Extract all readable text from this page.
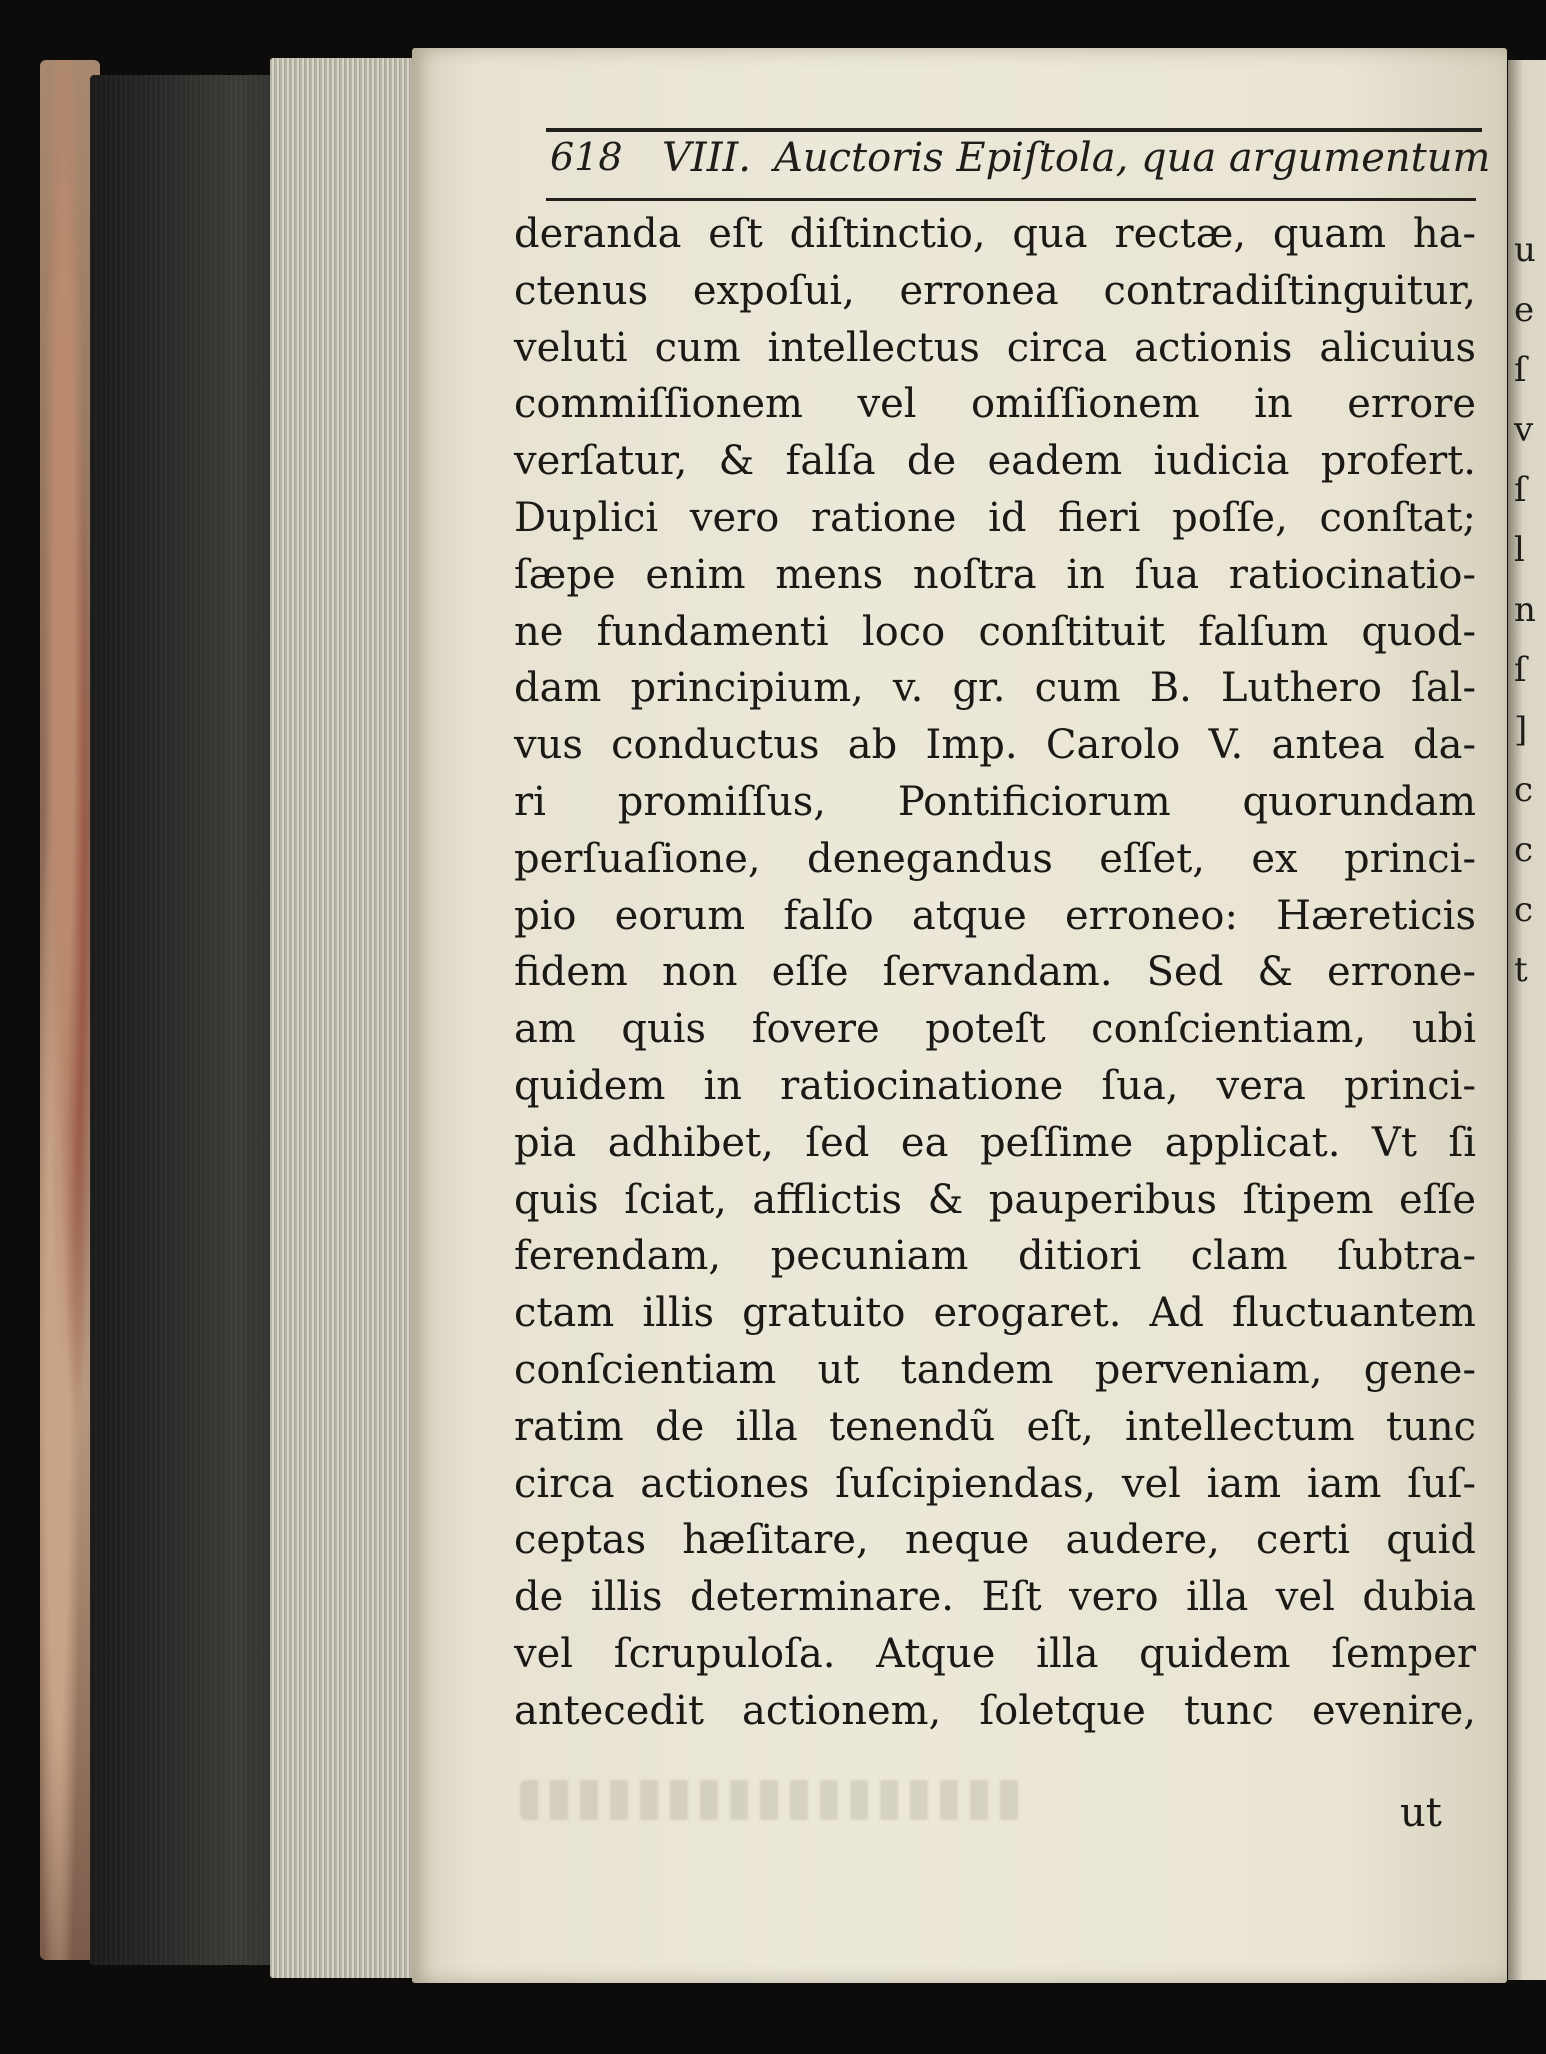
u
e
ſ
v
ſ
l
n
ſ
]
c
c
c
t
618 VIII. Auctoris Epiſtola, qua argumentum
deranda eſt diſtinctio, qua rectæ, quam ha-
ctenus expoſui, erronea contradiſtinguitur,
veluti cum intellectus circa actionis alicuius
commiſſionem vel omiſſionem in errore
verſatur, & falſa de eadem iudicia profert.
Duplici vero ratione id fieri poſſe, conſtat;
ſæpe enim mens noſtra in ſua ratiocinatio-
ne fundamenti loco conſtituit falſum quod-
dam principium, v. gr. cum B. Luthero ſal-
vus conductus ab Imp. Carolo V. antea da-
ri promiſſus, Pontificiorum quorundam
perſuaſione, denegandus eſſet, ex princi-
pio eorum falſo atque erroneo: Hæreticis
fidem non eſſe ſervandam. Sed & errone-
am quis fovere poteſt conſcientiam, ubi
quidem in ratiocinatione ſua, vera princi-
pia adhibet, ſed ea peſſime applicat. Vt ſi
quis ſciat, afflictis & pauperibus ſtipem eſſe
ferendam, pecuniam ditiori clam ſubtra-
ctam illis gratuito erogaret. Ad fluctuantem
conſcientiam ut tandem perveniam, gene-
ratim de illa tenendũ eſt, intellectum tunc
circa actiones ſuſcipiendas, vel iam iam ſuſ-
ceptas hæſitare, neque audere, certi quid
de illis determinare. Eſt vero illa vel dubia
vel ſcrupuloſa. Atque illa quidem ſemper
antecedit actionem, ſoletque tunc evenire,
ut
